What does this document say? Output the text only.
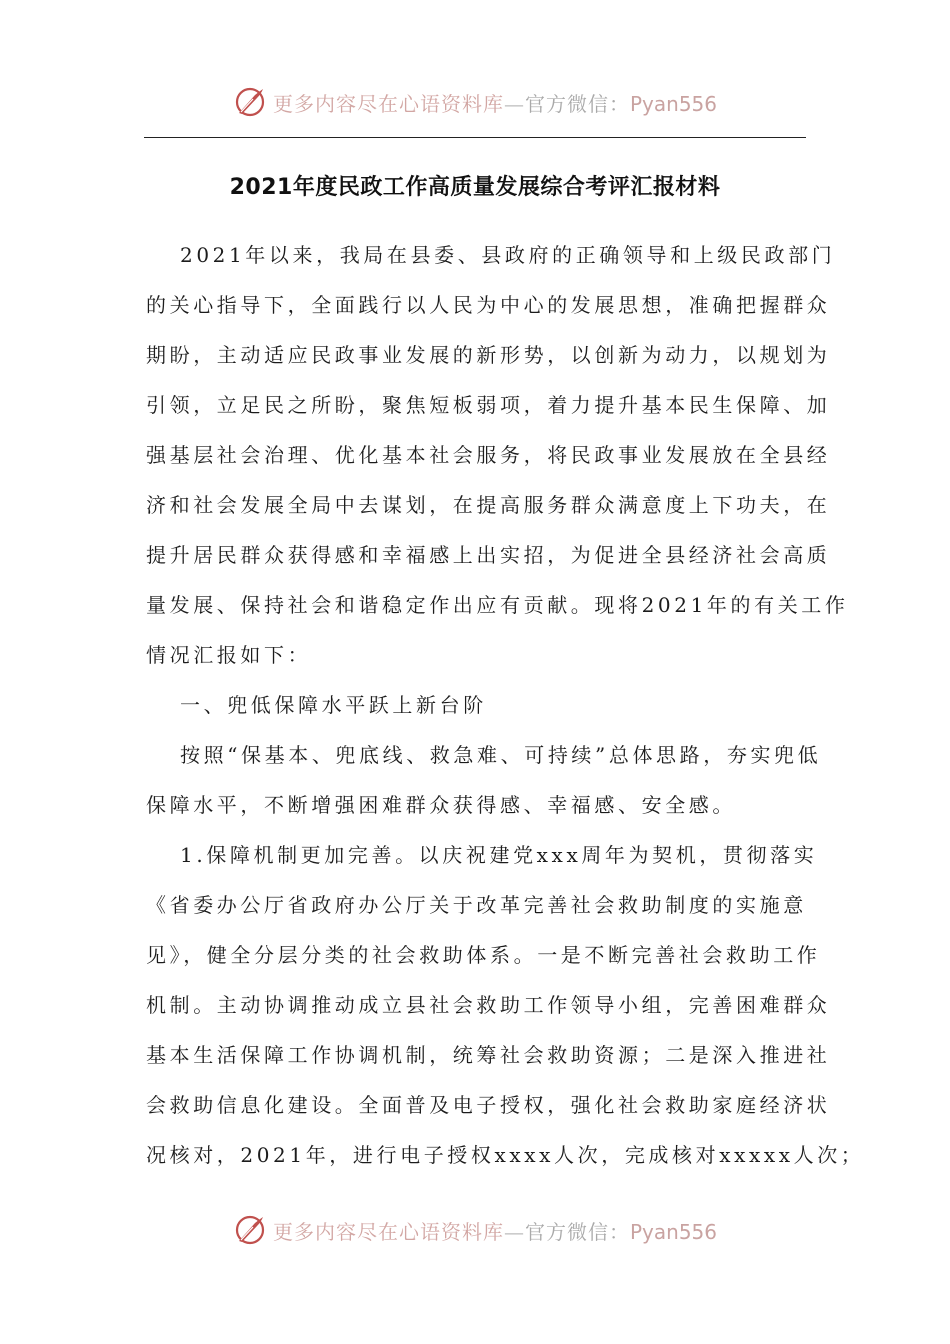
更多内容尽在心语资料库—官方微信：Pyan556
2021年度民政工作高质量发展综合考评汇报材料
2021年以来，我局在县委、县政府的正确领导和上级民政部门
的关心指导下，全面践行以人民为中心的发展思想，准确把握群众
期盼，主动适应民政事业发展的新形势，以创新为动力，以规划为
引领，立足民之所盼，聚焦短板弱项，着力提升基本民生保障、加
强基层社会治理、优化基本社会服务，将民政事业发展放在全县经
济和社会发展全局中去谋划，在提高服务群众满意度上下功夫，在
提升居民群众获得感和幸福感上出实招，为促进全县经济社会高质
量发展、保持社会和谐稳定作出应有贡献。现将2021年的有关工作
情况汇报如下：
一、兜低保障水平跃上新台阶
按照“保基本、兜底线、救急难、可持续”总体思路，夯实兜低
保障水平，不断增强困难群众获得感、幸福感、安全感。
1.保障机制更加完善。以庆祝建党xxx周年为契机，贯彻落实
《省委办公厅省政府办公厅关于改革完善社会救助制度的实施意
见》，健全分层分类的社会救助体系。一是不断完善社会救助工作
机制。主动协调推动成立县社会救助工作领导小组，完善困难群众
基本生活保障工作协调机制，统筹社会救助资源；二是深入推进社
会救助信息化建设。全面普及电子授权，强化社会救助家庭经济状
况核对，2021年，进行电子授权xxxx人次，完成核对xxxxx人次；
更多内容尽在心语资料库—官方微信：Pyan556
